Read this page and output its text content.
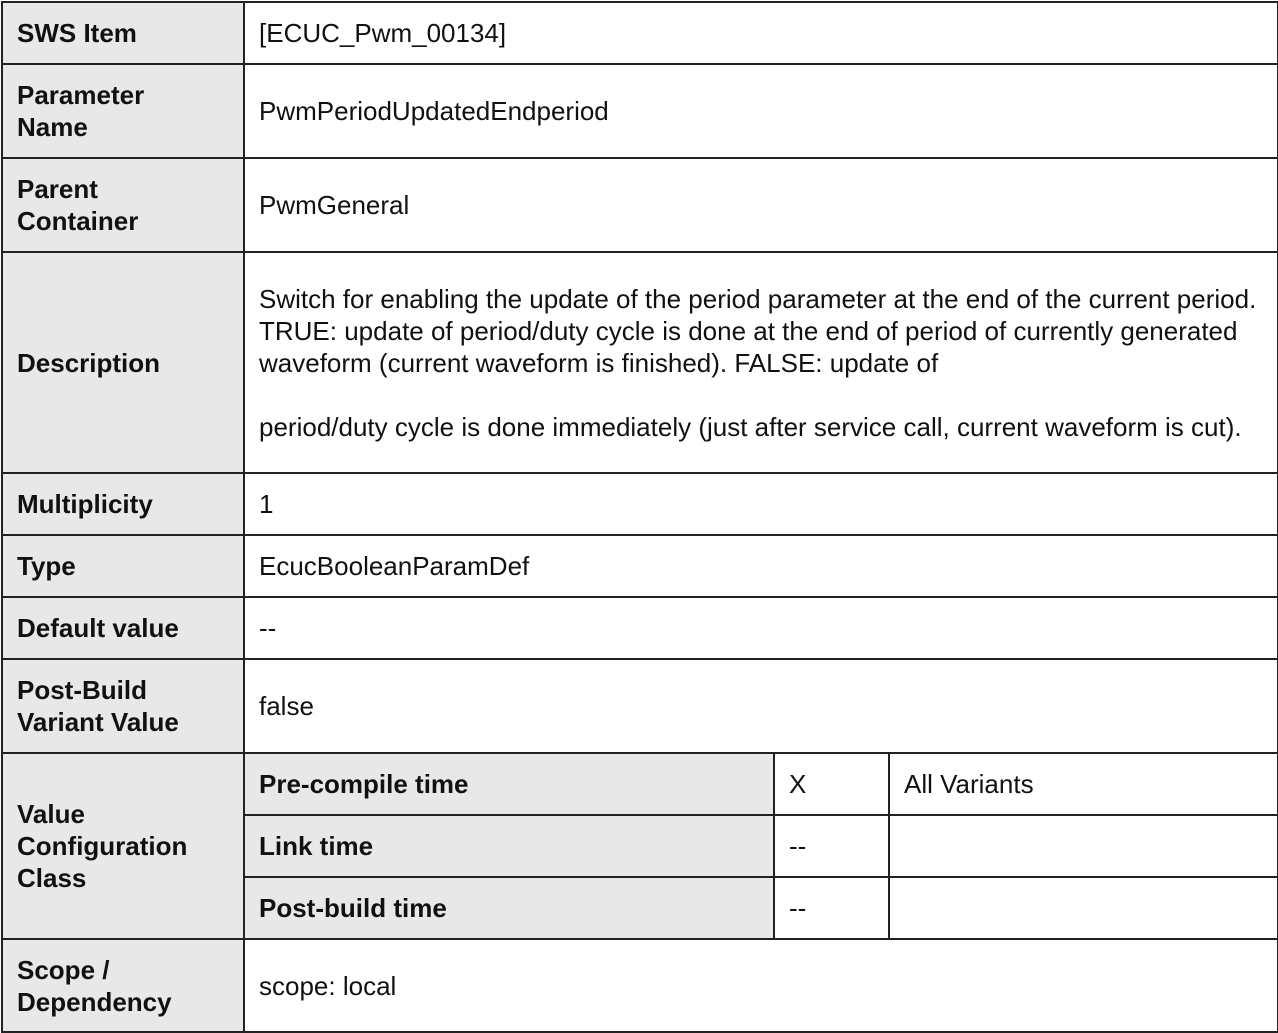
SWS Item	[ECUC_Pwm_00134]		
Parameter
Name	PwmPeriodUpdatedEndperiod		
Parent
Container	PwmGeneral		
Description	Switch for enabling the update of the period parameter at the end of the current period. TRUE: update of period/duty cycle is done at the end of period of currently generated waveform (current waveform is finished). FALSE: update of
period/duty cycle is done immediately (just after service call, current waveform is cut).		
Multiplicity	1		
Type	EcucBooleanParamDef		
Default value	--		
Post-Build
Variant Value	false		
Value
Configuration
Class	Pre-compile time	X	All Variants
	Link time	--	
	Post-build time	--	
Scope /
Dependency	scope: local		
